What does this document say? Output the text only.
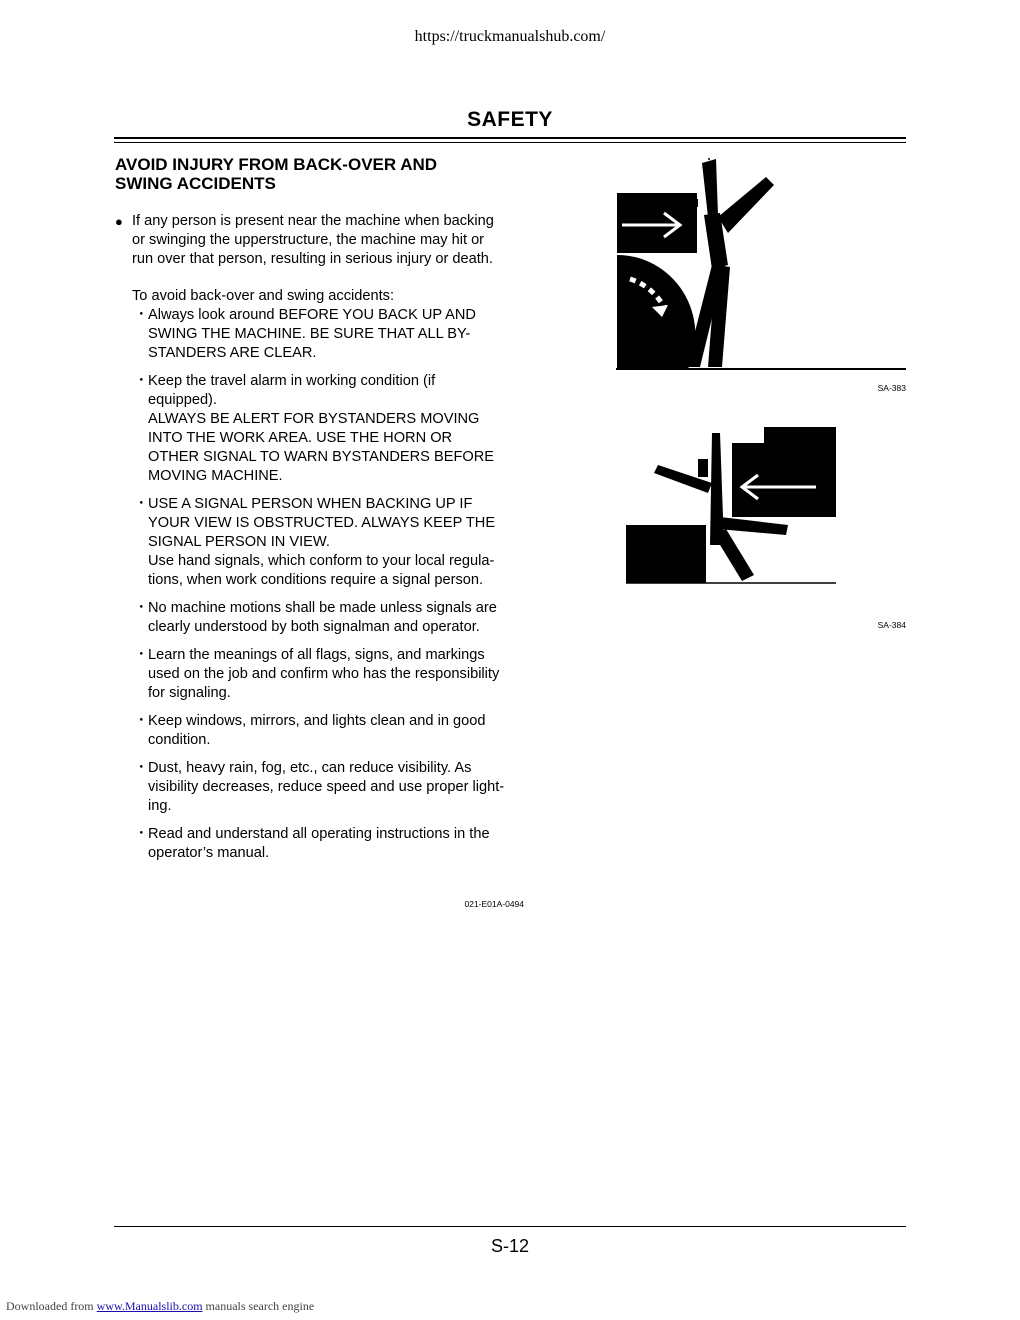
https://truckmanualshub.com/
SAFETY
AVOID INJURY FROM BACK-OVER AND
SWING ACCIDENTS
● If any person is present near the machine when backing
or swinging the upperstructure, the machine may hit or
run over that person, resulting in serious injury or death.
To avoid back-over and swing accidents:
・ Always look around BEFORE YOU BACK UP AND
SWING THE MACHINE. BE SURE THAT ALL BY-
STANDERS ARE CLEAR.
・ Keep the travel alarm in working condition (if
equipped).
ALWAYS BE ALERT FOR BYSTANDERS MOVING
INTO THE WORK AREA. USE THE HORN OR
OTHER SIGNAL TO WARN BYSTANDERS BEFORE
MOVING MACHINE.
・ USE A SIGNAL PERSON WHEN BACKING UP IF
YOUR VIEW IS OBSTRUCTED. ALWAYS KEEP THE
SIGNAL PERSON IN VIEW.
Use hand signals, which conform to your local regula-
tions, when work conditions require a signal person.
・ No machine motions shall be made unless signals are
clearly understood by both signalman and operator.
・ Learn the meanings of all flags, signs, and markings
used on the job and confirm who has the responsibility
for signaling.
・ Keep windows, mirrors, and lights clean and in good
condition.
・ Dust, heavy rain, fog, etc., can reduce visibility. As
visibility decreases, reduce speed and use proper light-
ing.
・ Read and understand all operating instructions in the
operator’s manual.
021-E01A-0494
SA-383
SA-384
S-12
Downloaded from www.Manualslib.com manuals search engine
